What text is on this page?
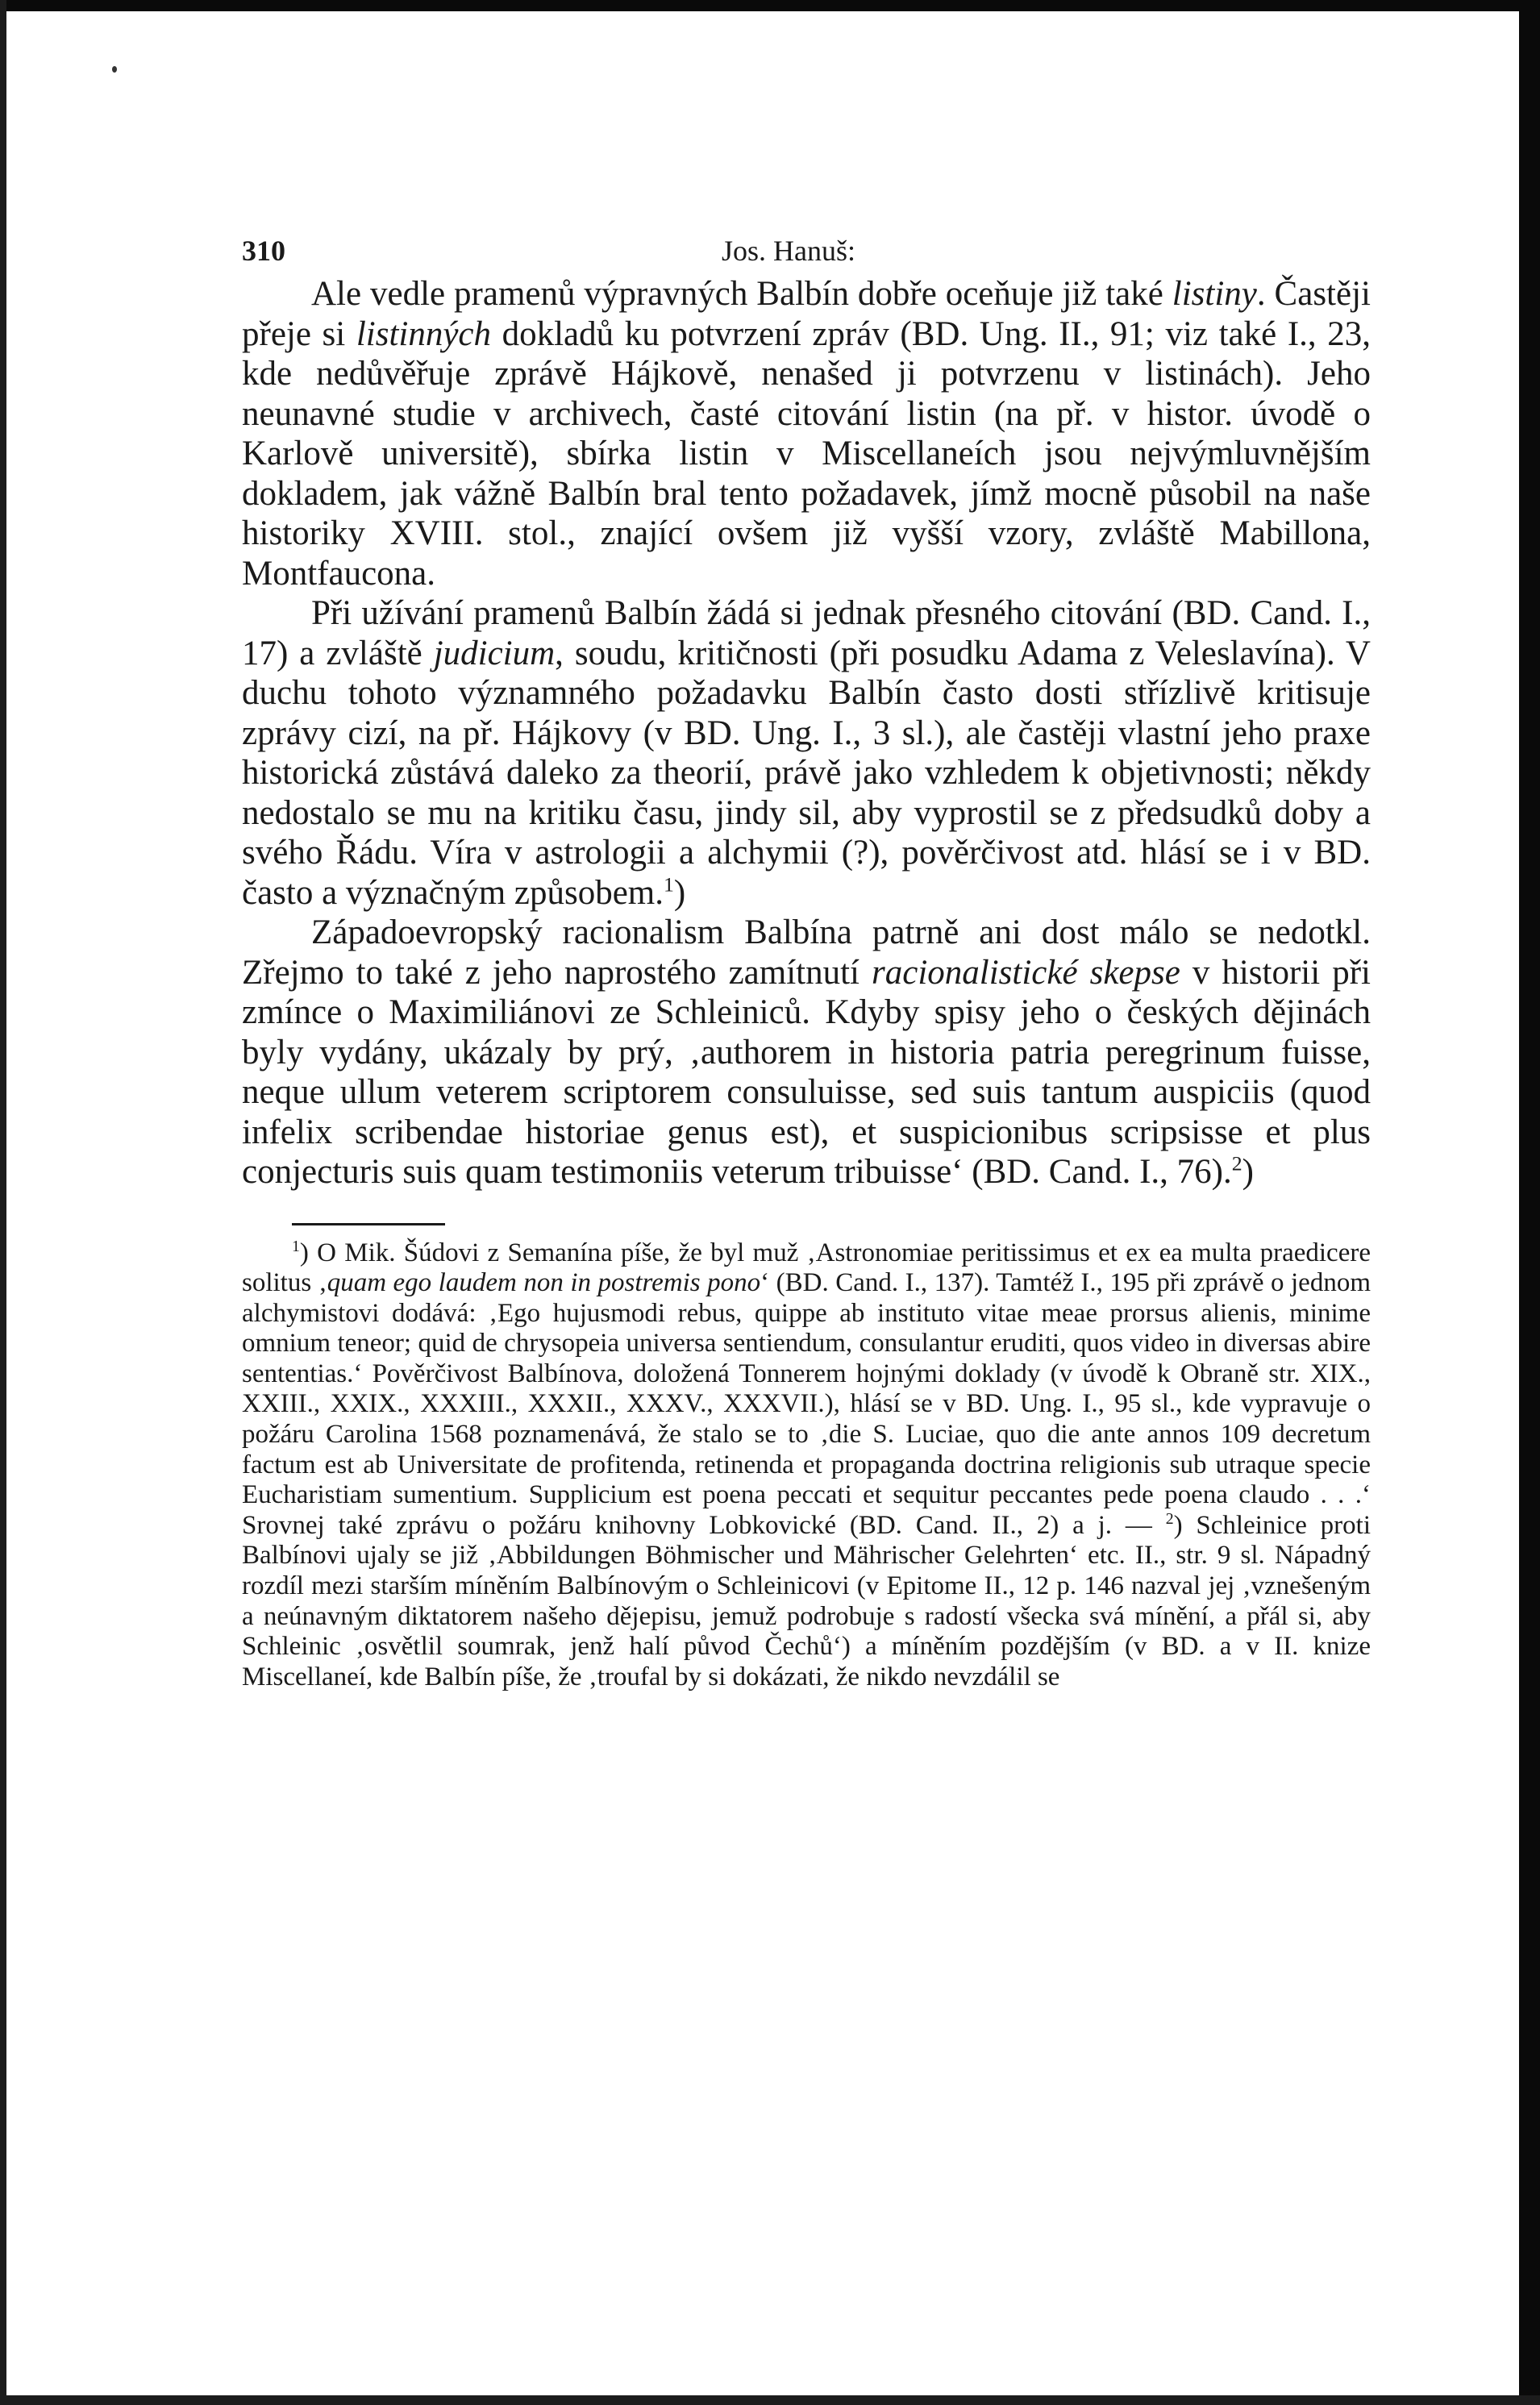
310	Jos. Hanuš:

Ale vedle pramenů výpravných Balbín dobře oceňuje již také listiny. Častěji přeje si listinných dokladů ku potvrzení zpráv (BD. Ung. II., 91; viz také I., 23, kde nedůvěřuje zprávě Hájkově, nenašed ji potvrzenu v listinách). Jeho neunavné studie v archivech, časté citování listin (na př. v histor. úvodě o Karlově universitě), sbírka listin v Miscellaneích jsou nejvýmluvnějším dokladem, jak vážně Balbín bral tento požadavek, jímž mocně působil na naše historiky XVIII. stol., znající ovšem již vyšší vzory, zvláště Mabillona, Montfaucona.

Při užívání pramenů Balbín žádá si jednak přesného citování (BD. Cand. I., 17) a zvláště judicium, soudu, kritičnosti (při posudku Adama z Veleslavína). V duchu tohoto významného požadavku Balbín často dosti střízlivě kritisuje zprávy cizí, na př. Hájkovy (v BD. Ung. I., 3 sl.), ale častěji vlastní jeho praxe historická zůstává daleko za theorií, právě jako vzhledem k objetivnosti; někdy nedostalo se mu na kritiku času, jindy sil, aby vyprostil se z předsudků doby a svého Řádu. Víra v astrologii a alchymii (?), pověrčivost atd. hlásí se i v BD. často a význačným způsobem.$^1$)

Západoevropský racionalism Balbína patrně ani dost málo se nedotkl. Zřejmo to také z jeho naprostého zamítnutí racionalistické skepse v historii při zmínce o Maximiliánovi ze Schleiniců. Kdyby spisy jeho o českých dějinách byly vydány, ukázaly by prý, ‚authorem in historia patria peregrinum fuisse, neque ullum veterem scriptorem consuluisse, sed suis tantum auspiciis (quod infelix scribendae historiae genus est), et suspicionibus scripsisse et plus conjecturis suis quam testimoniis veterum tribuisse‘ (BD. Cand. I., 76).$^2$)

$^1$) O Mik. Šúdovi z Semanína píše, že byl muž ‚Astronomiae peritissimus et ex ea multa praedicere solitus ‚quam ego laudem non in postremis pono‘ (BD. Cand. I., 137). Tamtéž I., 195 při zprávě o jednom alchymistovi dodává: ‚Ego hujusmodi rebus, quippe ab instituto vitae meae prorsus alienis, minime omnium teneor; quid de chrysopeia universa sentiendum, consulantur eruditi, quos video in diversas abire sententias.‘ Pověrčivost Balbínova, doložená Tonnerem hojnými doklady (v úvodě k Obraně str. XIX., XXIII., XXIX., XXXIII., XXXII., XXXV., XXXVII.), hlásí se v BD. Ung. I., 95 sl., kde vypravuje o požáru Carolina 1568 poznamenává, že stalo se to ‚die S. Luciae, quo die ante annos 109 decretum factum est ab Universitate de profitenda, retinenda et propaganda doctrina religionis sub utraque specie Eucharistiam sumentium. Supplicium est poena peccati et sequitur peccantes pede poena claudo . . .‘ Srovnej také zprávu o požáru knihovny Lobkovické (BD. Cand. II., 2) a j. — $^2$) Schleinice proti Balbínovi ujaly se již ‚Abbildungen Böhmischer und Mährischer Gelehrten‘ etc. II., str. 9 sl. Nápadný rozdíl mezi starším míněním Balbínovým o Schleinicovi (v Epitome II., 12 p. 146 nazval jej ‚vznešeným a neúnavným diktatorem našeho dějepisu, jemuž podrobuje s radostí všecka svá mínění, a přál si, aby Schleinic ‚osvětlil soumrak, jenž halí původ Čechů‘) a míněním pozdějším (v BD. a v II. knize Miscellaneí, kde Balbín píše, že ‚troufal by si dokázati, že nikdo nevzdálil se
